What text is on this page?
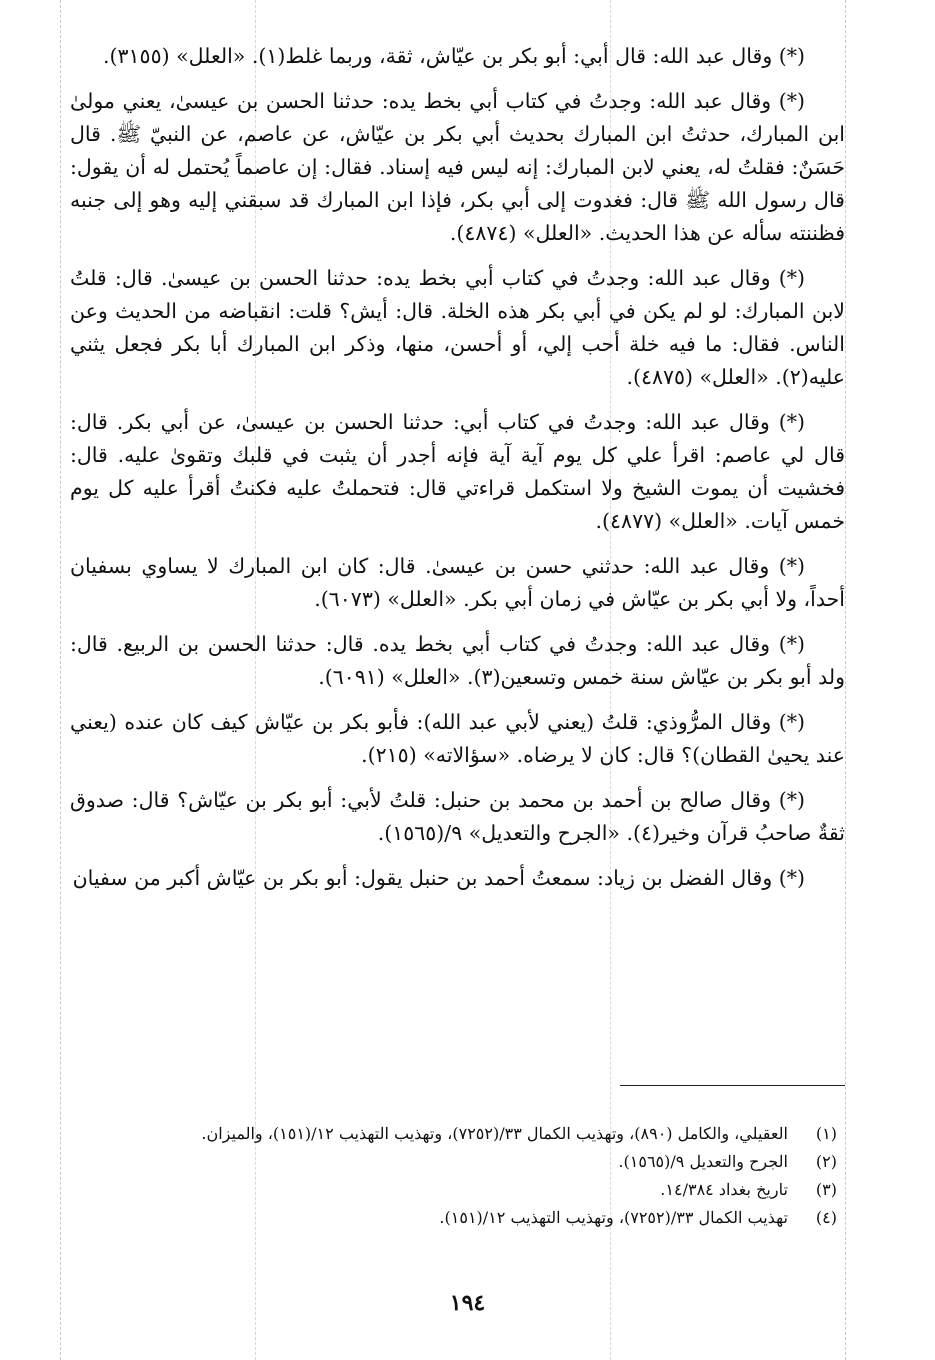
(*) وقال عبد الله: قال أبي: أبو بكر بن عيّاش، ثقة، وربما غلط(١). «العلل» (٣١٥٥).

(*) وقال عبد الله: وجدتُ في كتاب أبي بخط يده: حدثنا الحسن بن عيسىٰ، يعني مولىٰ ابن المبارك، حدثتُ ابن المبارك بحديث أبي بكر بن عيّاش، عن عاصم، عن النبيّ ﷺ. قال حَسَنٌ: فقلتُ له، يعني لابن المبارك: إنه ليس فيه إسناد. فقال: إن عاصماً يُحتمل له أن يقول: قال رسول الله ﷺ قال: فغدوت إلى أبي بكر، فإذا ابن المبارك قد سبقني إليه وهو إلى جنبه فظننته سأله عن هذا الحديث. «العلل» (٤٨٧٤).

(*) وقال عبد الله: وجدتُ في كتاب أبي بخط يده: حدثنا الحسن بن عيسىٰ. قال: قلتُ لابن المبارك: لو لم يكن في أبي بكر هذه الخلة. قال: أيش؟ قلت: انقباضه من الحديث وعن الناس. فقال: ما فيه خلة أحب إلي، أو أحسن، منها، وذكر ابن المبارك أبا بكر فجعل يثني عليه(٢). «العلل» (٤٨٧٥).

(*) وقال عبد الله: وجدتُ في كتاب أبي: حدثنا الحسن بن عيسىٰ، عن أبي بكر. قال: قال لي عاصم: اقرأ علي كل يوم آية آية فإنه أجدر أن يثبت في قلبك وتقوىٰ عليه. قال: فخشيت أن يموت الشيخ ولا استكمل قراءتي قال: فتحملتُ عليه فكنتُ أقرأ عليه كل يوم خمس آيات. «العلل» (٤٨٧٧).

(*) وقال عبد الله: حدثني حسن بن عيسىٰ. قال: كان ابن المبارك لا يساوي بسفيان أحداً، ولا أبي بكر بن عيّاش في زمان أبي بكر. «العلل» (٦٠٧٣).

(*) وقال عبد الله: وجدتُ في كتاب أبي بخط يده. قال: حدثنا الحسن بن الربيع. قال: ولد أبو بكر بن عيّاش سنة خمس وتسعين(٣). «العلل» (٦٠٩١).

(*) وقال المرُّوذي: قلتُ (يعني لأبي عبد الله): فأبو بكر بن عيّاش كيف كان عنده (يعني عند يحيىٰ القطان)؟ قال: كان لا يرضاه. «سؤالاته» (٢١٥).

(*) وقال صالح بن أحمد بن محمد بن حنبل: قلتُ لأبي: أبو بكر بن عيّاش؟ قال: صدوق ثقةٌ صاحبُ قرآن وخير(٤). «الجرح والتعديل» ٩/(١٥٦٥).

(*) وقال الفضل بن زياد: سمعتُ أحمد بن حنبل يقول: أبو بكر بن عيّاش أكبر من سفيان

(١) العقيلي، والكامل (٨٩٠)، وتهذيب الكمال ٣٣/(٧٢٥٢)، وتهذيب التهذيب ١٢/(١٥١)، والميزان.

(٢) الجرح والتعديل ٩/(١٥٦٥).

(٣) تاريخ بغداد ١٤/٣٨٤.

(٤) تهذيب الكمال ٣٣/(٧٢٥٢)، وتهذيب التهذيب ١٢/(١٥١).

١٩٤
